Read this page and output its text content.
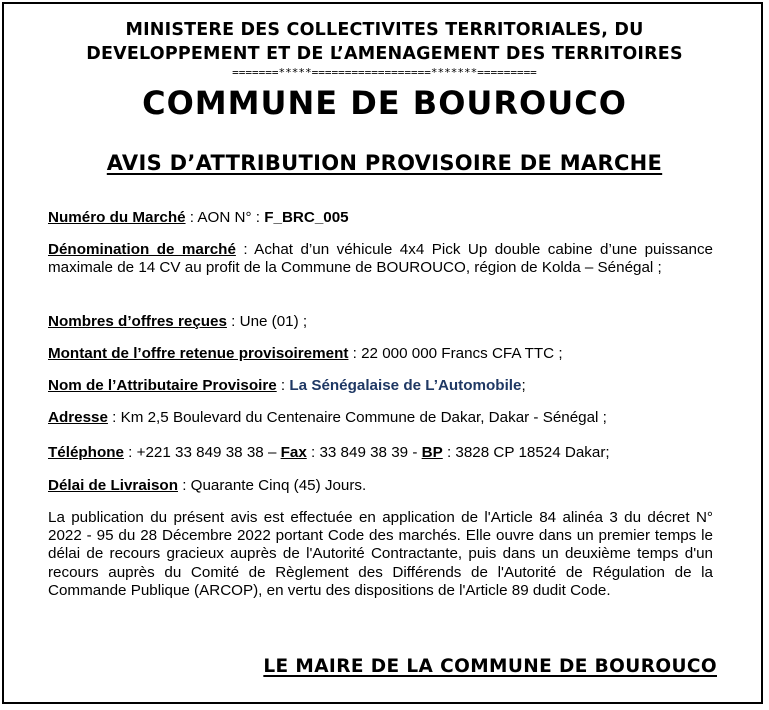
MINISTERE DES COLLECTIVITES TERRITORIALES, DU
DEVELOPPEMENT ET DE L’AMENAGEMENT DES TERRITOIRES
=======*****==================*******=========
COMMUNE DE BOUROUCO
AVIS D’ATTRIBUTION PROVISOIRE DE MARCHE
Numéro du Marché : AON N° : F_BRC_005
Dénomination de marché : Achat d’un véhicule 4x4 Pick Up double cabine d’une puissance maximale de 14 CV au profit de la Commune de BOUROUCO, région de Kolda – Sénégal ;
Nombres d’offres reçues : Une (01) ;
Montant de l’offre retenue provisoirement : 22 000 000 Francs CFA TTC ;
Nom de l’Attributaire Provisoire : La Sénégalaise de L’Automobile;
Adresse : Km 2,5 Boulevard du Centenaire Commune de Dakar, Dakar - Sénégal ;
Téléphone : +221 33 849 38 38 – Fax : 33 849 38 39 - BP : 3828 CP 18524 Dakar;
Délai de Livraison : Quarante Cinq (45) Jours.
La publication du présent avis est effectuée en application de l'Article 84 alinéa 3 du décret N° 2022 - 95 du 28 Décembre 2022 portant Code des marchés. Elle ouvre dans un premier temps le délai de recours gracieux auprès de l'Autorité Contractante, puis dans un deuxième temps d'un recours auprès du Comité de Règlement des Différends de l'Autorité de Régulation de la Commande Publique (ARCOP), en vertu des dispositions de l'Article 89 dudit Code.
LE MAIRE DE LA COMMUNE DE BOUROUCO
